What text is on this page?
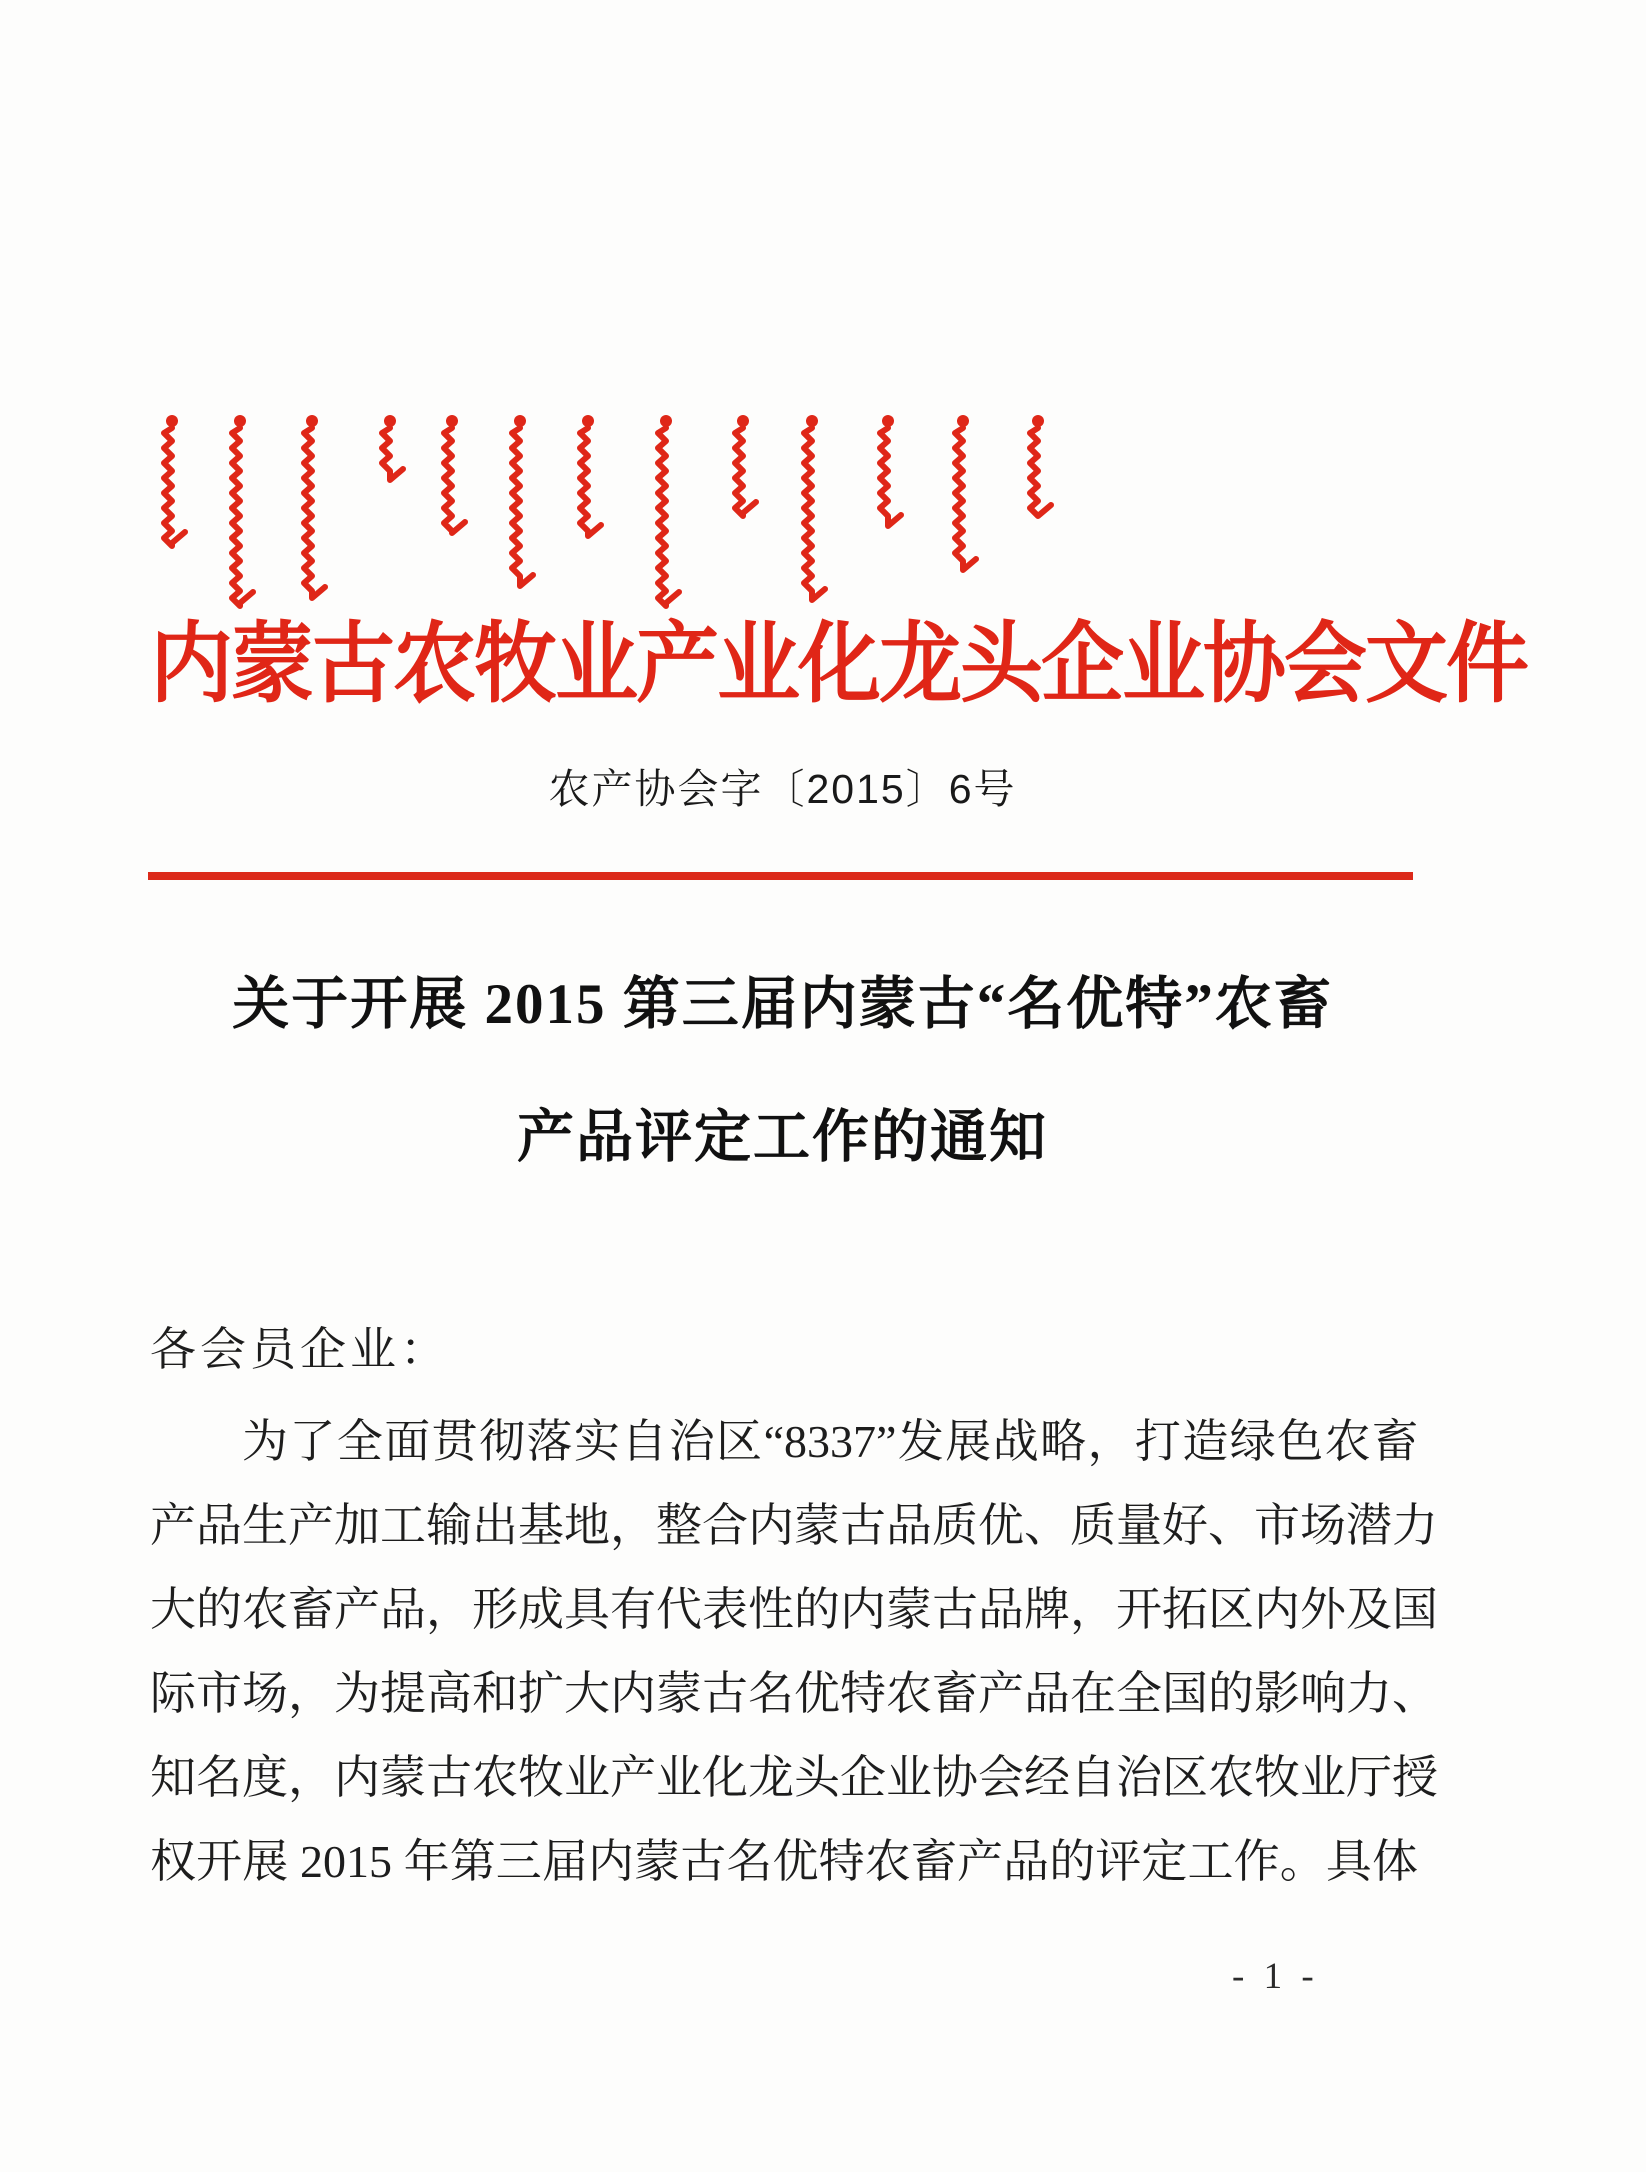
内蒙古农牧业产业化龙头企业协会文件
农产协会字〔2015〕6号
关于开展 2015 第三届内蒙古“名优特”农畜
产品评定工作的通知
各会员企业：
为了全面贯彻落实自治区“8337”发展战略，打造绿色农畜
产品生产加工输出基地，整合内蒙古品质优、质量好、市场潜力
大的农畜产品，形成具有代表性的内蒙古品牌，开拓区内外及国
际市场，为提高和扩大内蒙古名优特农畜产品在全国的影响力、
知名度，内蒙古农牧业产业化龙头企业协会经自治区农牧业厅授
权开展 2015 年第三届内蒙古名优特农畜产品的评定工作。具体
- 1 -
